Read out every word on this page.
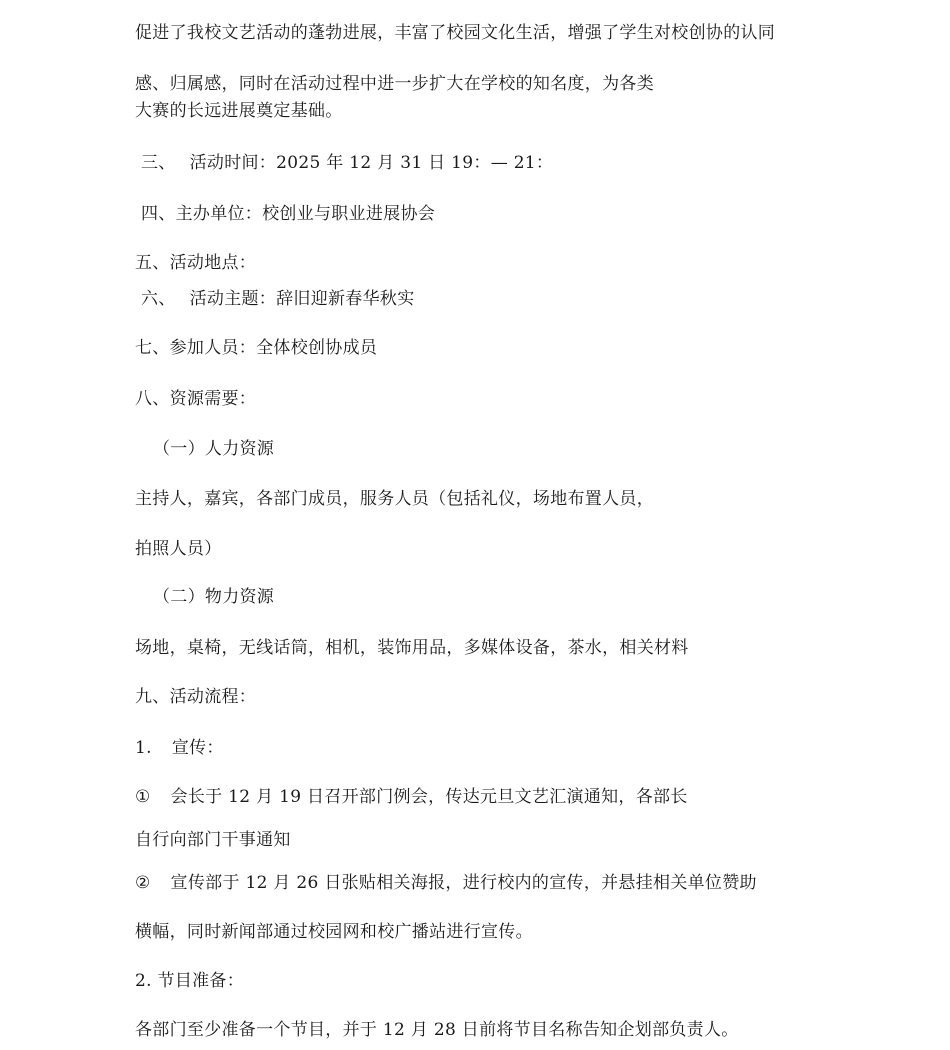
促进了我校文艺活动的蓬勃进展，丰富了校园文化生活，增强了学生对校创协的认同
感、归属感，同时在活动过程中进一步扩大在学校的知名度，为各类
大赛的长远进展奠定基础。
三、 活动时间：2025 年 12 月 31 日 19：— 21：
四、主办单位：校创业与职业进展协会
五、活动地点：
六、 活动主题：辞旧迎新春华秋实
七、参加人员：全体校创协成员
八、资源需要：
（一）人力资源
主持人，嘉宾，各部门成员，服务人员（包括礼仪，场地布置人员，
拍照人员）
（二）物力资源
场地，桌椅，无线话筒，相机，装饰用品，多媒体设备，茶水，相关材料
九、活动流程：
1. 宣传：
① 会长于 12 月 19 日召开部门例会，传达元旦文艺汇演通知，各部长
自行向部门干事通知
② 宣传部于 12 月 26 日张贴相关海报，进行校内的宣传，并悬挂相关单位赞助
横幅，同时新闻部通过校园网和校广播站进行宣传。
2. 节目准备：
各部门至少准备一个节目，并于 12 月 28 日前将节目名称告知企划部负责人。
